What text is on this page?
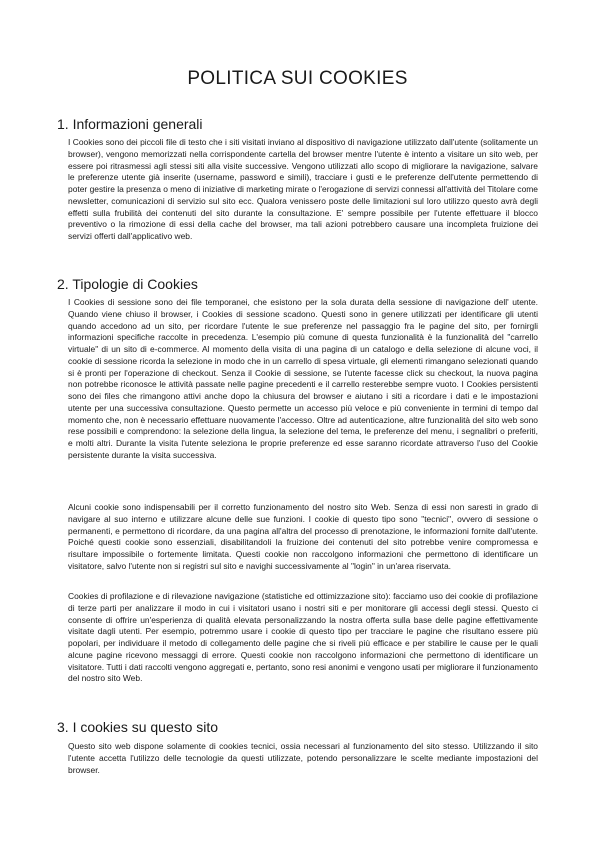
POLITICA SUI COOKIES
1. Informazioni generali

I Cookies sono dei piccoli file di testo che i siti visitati inviano al dispositivo di navigazione utilizzato dall'utente (solitamente un browser), vengono memorizzati nella corrispondente cartella del browser mentre l'utente è intento a visitare un sito web, per essere poi ritrasmessi agli stessi siti alla visite successive. Vengono utilizzati allo scopo di migliorare la navigazione, salvare le preferenze utente già inserite (username, password e simili), tracciare i gusti e le preferenze dell'utente permettendo di poter gestire la presenza o meno di iniziative di marketing mirate o l'erogazione di servizi connessi all'attività del Titolare come newsletter, comunicazioni di servizio sul sito ecc. Qualora venissero poste delle limitazioni sul loro utilizzo questo avrà degli effetti sulla frubilità dei contenuti del sito durante la consultazione. E' sempre possibile per l'utente effettuare il blocco preventivo o la rimozione di essi della cache del browser, ma tali azioni potrebbero causare una incompleta fruizione dei servizi offerti dall'applicativo web.

2. Tipologie di Cookies

I Cookies di sessione sono dei file temporanei, che esistono per la sola durata della sessione di navigazione dell' utente. Quando viene chiuso il browser, i Cookies di sessione scadono. Questi sono in genere utilizzati per identificare gli utenti quando accedono ad un sito, per ricordare l'utente le sue preferenze nel passaggio fra le pagine del sito, per fornirgli informazioni specifiche raccolte in precedenza. L'esempio più comune di questa funzionalità è la funzionalità del "carrello virtuale" di un sito di e-commerce. Al momento della visita di una pagina di un catalogo e della selezione di alcune voci, il cookie di sessione ricorda la selezione in modo che in un carrello di spesa virtuale, gli elementi rimangano selezionati quando si è pronti per l'operazione di checkout. Senza il Cookie di sessione, se l'utente facesse click su checkout, la nuova pagina non potrebbe riconosce le attività passate nelle pagine precedenti e il carrello resterebbe sempre vuoto. I Cookies persistenti sono dei files che rimangono attivi anche dopo la chiusura del browser e aiutano i siti a ricordare i dati e le impostazioni utente per una successiva consultazione. Questo permette un accesso più veloce e più conveniente in termini di tempo dal momento che, non è necessario effettuare nuovamente l'accesso. Oltre ad autenticazione, altre funzionalità del sito web sono rese possibili e comprendono: la selezione della lingua, la selezione del tema, le preferenze del menu, i segnalibri o preferiti, e molti altri. Durante la visita l'utente seleziona le proprie preferenze ed esse saranno ricordate attraverso l'uso del Cookie persistente durante la visita successiva.

Alcuni cookie sono indispensabili per il corretto funzionamento del nostro sito Web. Senza di essi non saresti in grado di navigare al suo interno e utilizzare alcune delle sue funzioni. I cookie di questo tipo sono "tecnici", ovvero di sessione o permanenti, e permettono di ricordare, da una pagina all'altra del processo di prenotazione, le informazioni fornite dall'utente. Poiché questi cookie sono essenziali, disabilitandoli la fruizione dei contenuti del sito potrebbe venire compromessa e risultare impossibile o fortemente limitata. Questi cookie non raccolgono informazioni che permettono di identificare un visitatore, salvo l'utente non si registri sul sito e navighi successivamente al "login" in un'area riservata.

Cookies di profilazione e di rilevazione navigazione (statistiche ed ottimizzazione sito): facciamo uso dei cookie di profilazione di terze parti per analizzare il modo in cui i visitatori usano i nostri siti e per monitorare gli accessi degli stessi. Questo ci consente di offrire un'esperienza di qualità elevata personalizzando la nostra offerta sulla base delle pagine effettivamente visitate dagli utenti. Per esempio, potremmo usare i cookie di questo tipo per tracciare le pagine che risultano essere più popolari, per individuare il metodo di collegamento delle pagine che si riveli più efficace e per stabilire le cause per le quali alcune pagine ricevono messaggi di errore. Questi cookie non raccolgono informazioni che permettono di identificare un visitatore. Tutti i dati raccolti vengono aggregati e, pertanto, sono resi anonimi e vengono usati per migliorare il funzionamento del nostro sito Web.

3. I cookies su questo sito

Questo sito web dispone solamente di cookies tecnici, ossia necessari al funzionamento del sito stesso. Utilizzando il sito l'utente accetta l'utilizzo delle tecnologie da questi utilizzate, potendo personalizzare le scelte mediante impostazioni del browser.
